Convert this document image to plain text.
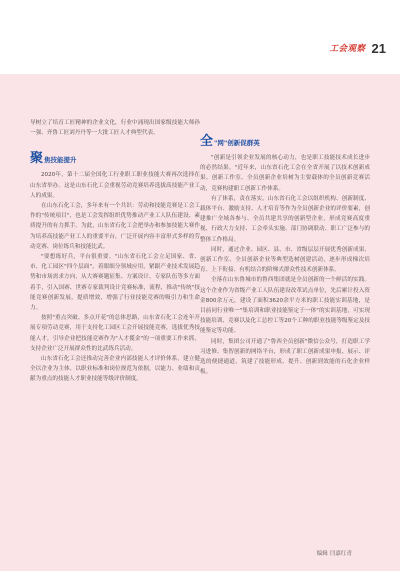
工会观察 21

导树立了培育工匠精神的企业文化，行业中涌现出国家级技能大师孙一强、齐鲁工匠刘丹丹等一大批工匠人才典型代表。

聚 焦技能提升

2020年，第十二届全国化工行业职工职业技能大赛再次选择在山东省举办。这是山东石化工会重视劳动竞赛培养选拔高技能产业工人的成果。

在山东石化工会，多年来有一个共识：劳动和技能竞赛是工会工作的"传统项目"，也是工会发挥组织优势推动产业工人队伍建设、素质提升的有力抓手。为此，山东省石化工会把举办和参加技能大赛作为培养高技能产业工人的重要平台，广泛开展内容丰富形式多样的劳动竞赛、岗位练兵和技能比武。

"要想练好兵，平台很重要。"山东省石化工会立足国家、省、市、化工园区"四个层面"，着眼细分领域应用，紧跟产业技术发展趋势和市场需求方向，从大赛赛题征集、方案设计、专家队伍等多方面着手，引入国赛、世赛专家裁判设计竞赛标准，流程，推动"传统"技能竞赛创新发展，提质增效，增强了行业技能竞赛的吸引力和生命力。

按照"重点突破、多点开花"的总体思路，山东省石化工会连年开展专项劳动竞赛，用于支持化工园区工会开展技能竞赛，选拔优秀技能人才，引导企业把技能竞赛作为"人才揽金"的一项重要工作来抓，支持企业广泛开展群众性的比武练兵活动。

山东省石化工会还推动完善企业内部技能人才评价体系，建立健全以企业为主体、以职业标准和岗位规范为依据，以能力、业绩和贡献为重点的技能人才职业技能等级评价制度。

全 "网"创新促群英

"创新是引领企业发展的核心动力，也是职工技能技术成长进步的必然结果。"近年来，山东省石化工会在全省开展了以技术创新成果、创新工作室、全员创新企业培树为主要载体的全员创新竞赛活动，竞赛构建职工创新工作体系。

有了体系，责在落实。山东省石化工会以组织机构、创新制度、载体平台、激励支持、人才培育等作为全员创新企业的评价要素，创建推广全域各参与、全员共建共享的创新型企业，形成竞赛高度重视、行政大力支持、工会牵头实施、部门协调联动、职工广泛参与的整体工作格局。

同时，通过企业、园区、县、市、省级层层开展优秀创新成果、创新工作室、全员创新企业等典型选树创建活动，逐步形成梯次培育、上下衔接、有机结合的阶梯式群众性技术创新体系。

全落在山东鲁城市的鲁西集团就是全员创新的一个鲜活的实践。这个企业作为省级产业工人队伍建设改革试点单位，先后累计投入资金800余万元，建设了面积3620余平方米的职工技能实训基地，是目前同行业唯一"集培训和职业技能鉴定于一体"的实训基地，可实现技能培训、竞赛以及化工总控工等20个工种的职业技能等级鉴定及技能鉴定等功能。

同时，集团公司开通了"鲁西全员创新"微信公众号，打造职工学习进修、集智创新的网络平台，形成了职工创新成果申报、展示、评选的便捷通道，筑建了技能形成、提升、创新到效能的石化企业样板。

编辑 闫嘉红青
